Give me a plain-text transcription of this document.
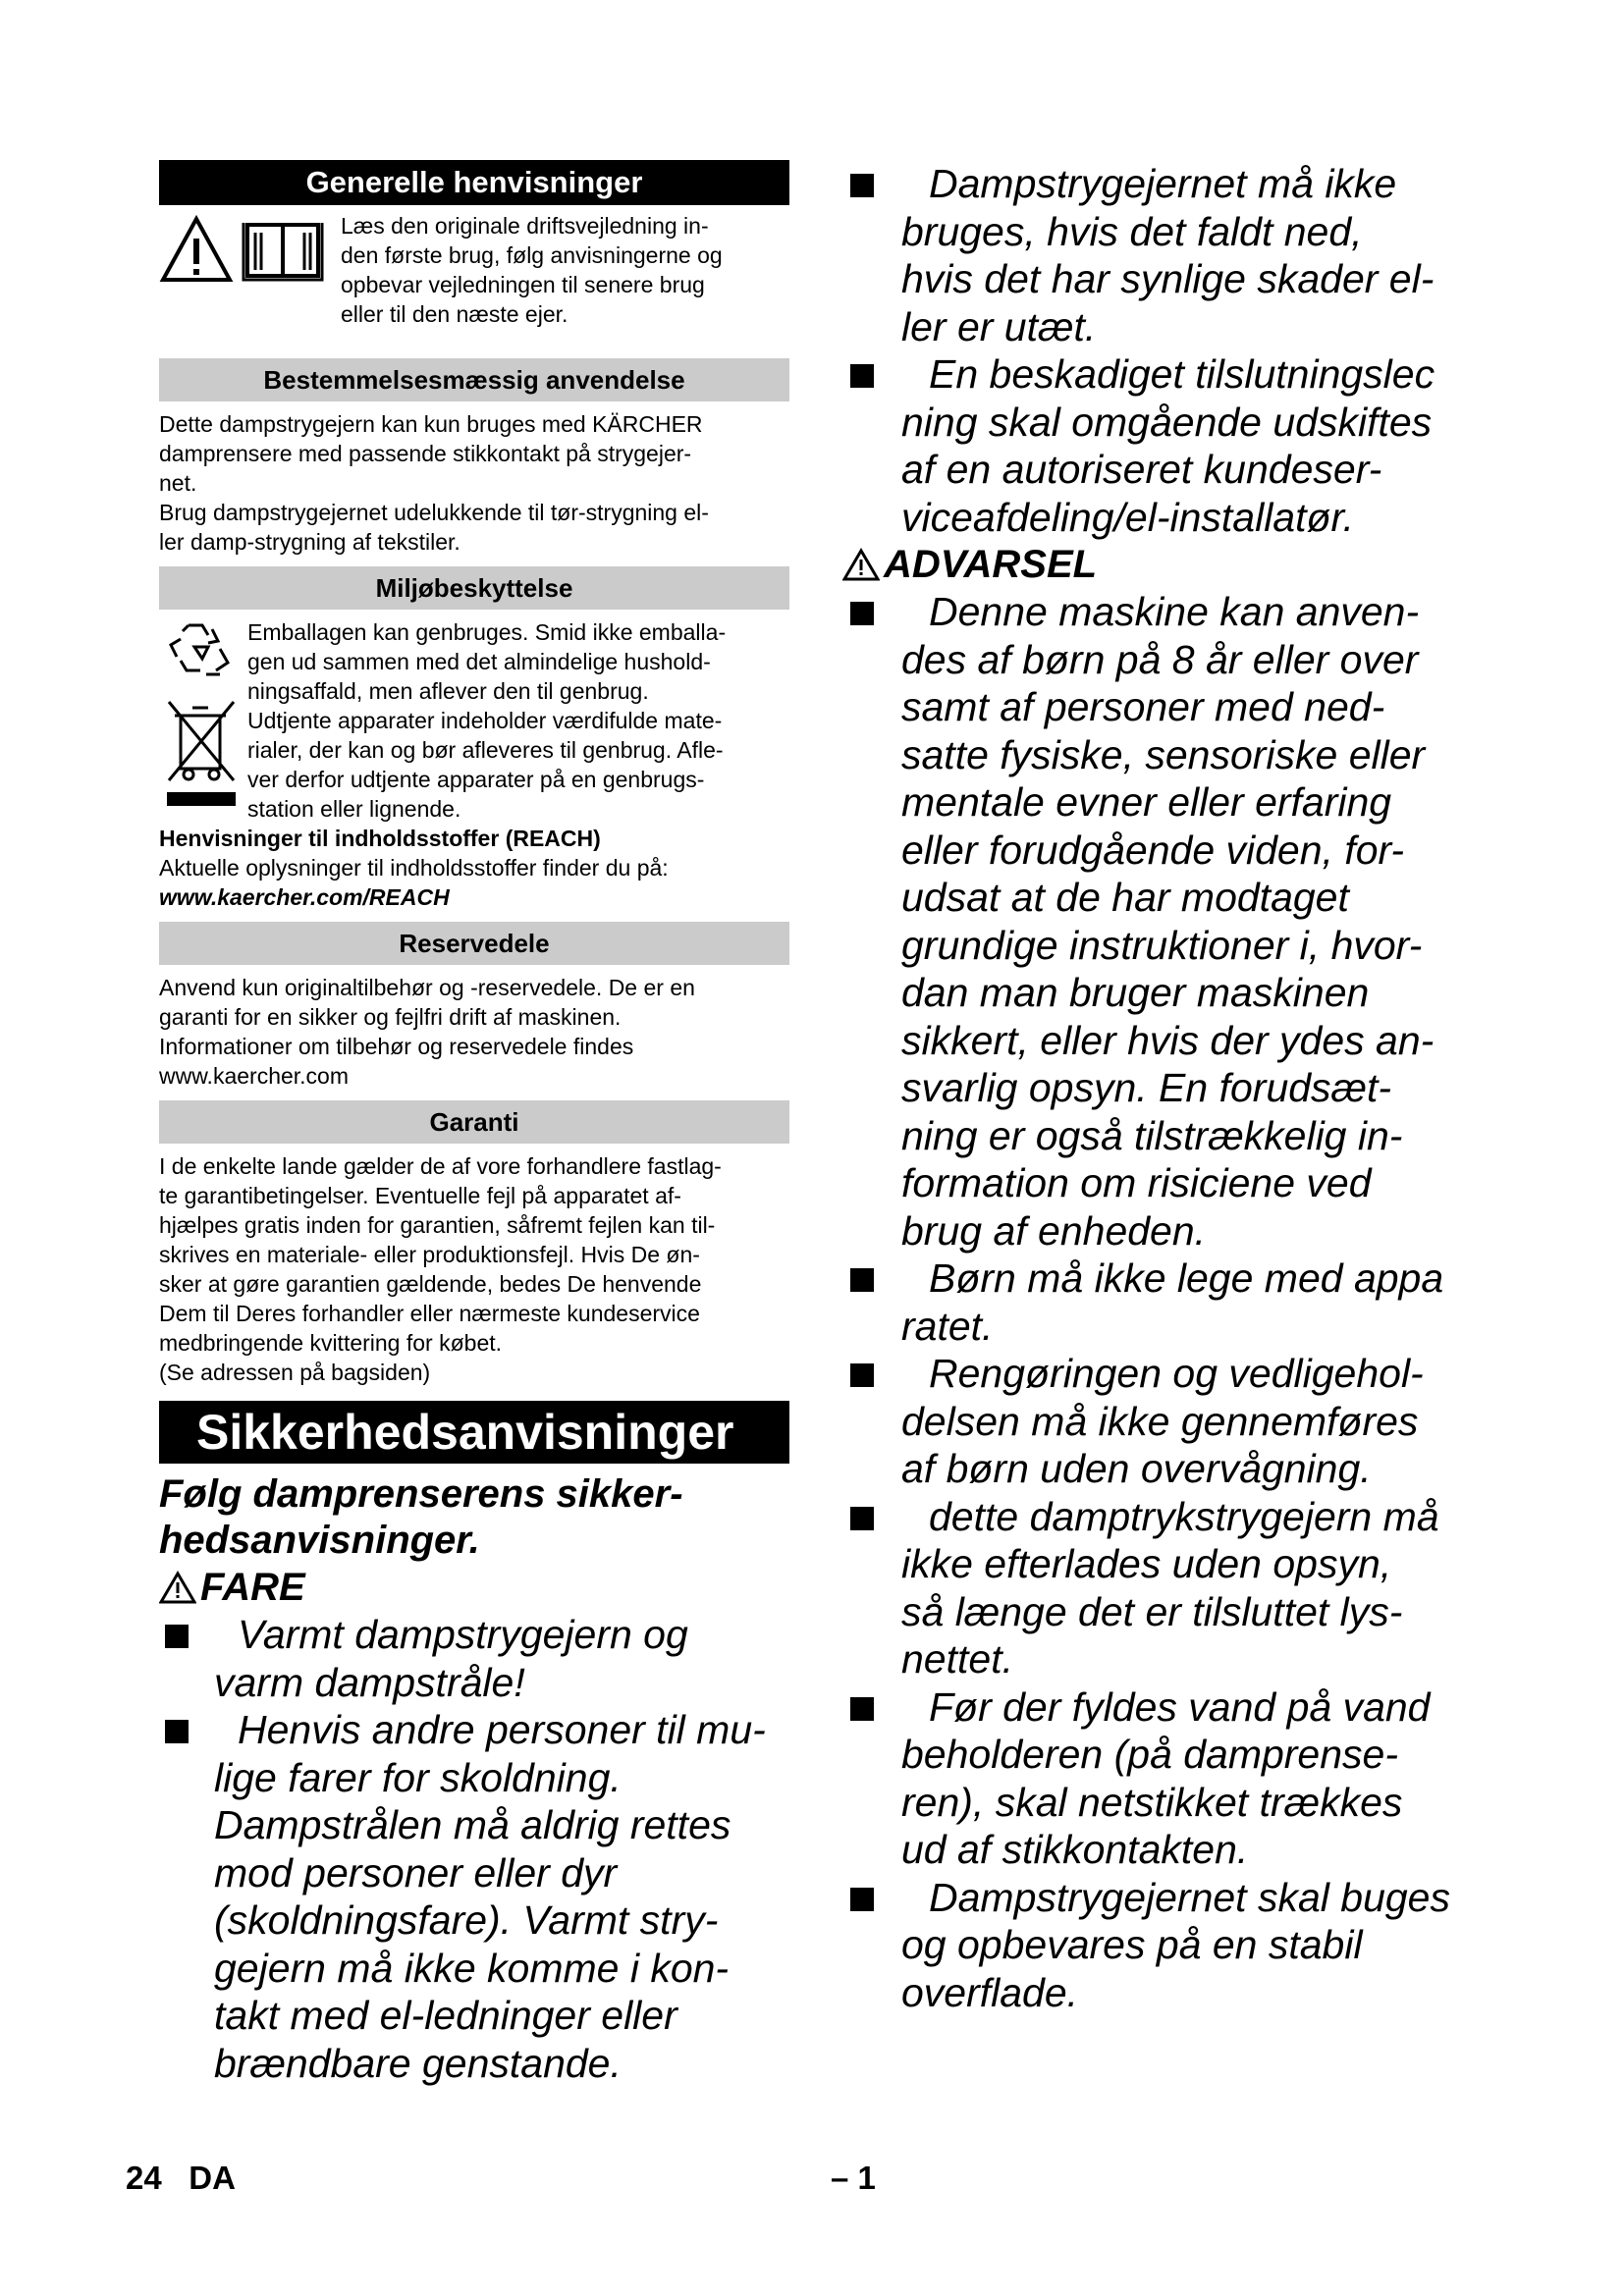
Generelle henvisninger

Læs den originale driftsvejledning in-
den første brug, følg anvisningerne og
opbevar vejledningen til senere brug
eller til den næste ejer.

Bestemmelsesmæssig anvendelse

Dette dampstrygejern kan kun bruges med KÄRCHER
damprensere med passende stikkontakt på strygejer-
net.
Brug dampstrygejernet udelukkende til tør-strygning el-
ler damp-strygning af tekstiler.

Miljøbeskyttelse

Emballagen kan genbruges. Smid ikke emballa-
gen ud sammen med det almindelige hushold-
ningsaffald, men aflever den til genbrug.
Udtjente apparater indeholder værdifulde mate-
rialer, der kan og bør afleveres til genbrug. Afle-
ver derfor udtjente apparater på en genbrugs-
station eller lignende.

Henvisninger til indholdsstoffer (REACH)

Aktuelle oplysninger til indholdsstoffer finder du på:

www.kaercher.com/REACH

Reservedele

Anvend kun originaltilbehør og -reservedele. De er en
garanti for en sikker og fejlfri drift af maskinen.
Informationer om tilbehør og reservedele findes
www.kaercher.com

Garanti

I de enkelte lande gælder de af vore forhandlere fastlag-
te garantibetingelser. Eventuelle fejl på apparatet af-
hjælpes gratis inden for garantien, såfremt fejlen kan til-
skrives en materiale- eller produktionsfejl. Hvis De øn-
sker at gøre garantien gældende, bedes De henvende
Dem til Deres forhandler eller nærmeste kundeservice
medbringende kvittering for købet.
(Se adressen på bagsiden)

Sikkerhedsanvisninger

Følg damprenserens sikker-
hedsanvisninger.

FARE
Varmt dampstrygejern og
varm dampstråle!
Henvis andre personer til mu-
lige farer for skoldning.
Dampstrålen må aldrig rettes
mod personer eller dyr
(skoldningsfare). Varmt stry-
gejern må ikke komme i kon-
takt med el-ledninger eller
brændbare genstande.
Dampstrygejernet må ikke
bruges, hvis det faldt ned,
hvis det har synlige skader el-
ler er utæt.
En beskadiget tilslutningslec
ning skal omgående udskiftes
af en autoriseret kundeser-
viceafdeling/el-installatør.
ADVARSEL
Denne maskine kan anven-
des af børn på 8 år eller over
samt af personer med ned-
satte fysiske, sensoriske eller
mentale evner eller erfaring
eller forudgående viden, for-
udsat at de har modtaget
grundige instruktioner i, hvor-
dan man bruger maskinen
sikkert, eller hvis der ydes an-
svarlig opsyn. En forudsæt-
ning er også tilstrækkelig in-
formation om risiciene ved
brug af enheden.
Børn må ikke lege med appa
ratet.
Rengøringen og vedligehol-
delsen må ikke gennemføres
af børn uden overvågning.
dette damptrykstrygejern må
ikke efterlades uden opsyn,
så længe det er tilsluttet lys-
nettet.
Før der fyldes vand på vand
beholderen (på damprense-
ren), skal netstikket trækkes
ud af stikkontakten.
Dampstrygejernet skal buges
og opbevares på en stabil
overflade.
24 DA	– 1
